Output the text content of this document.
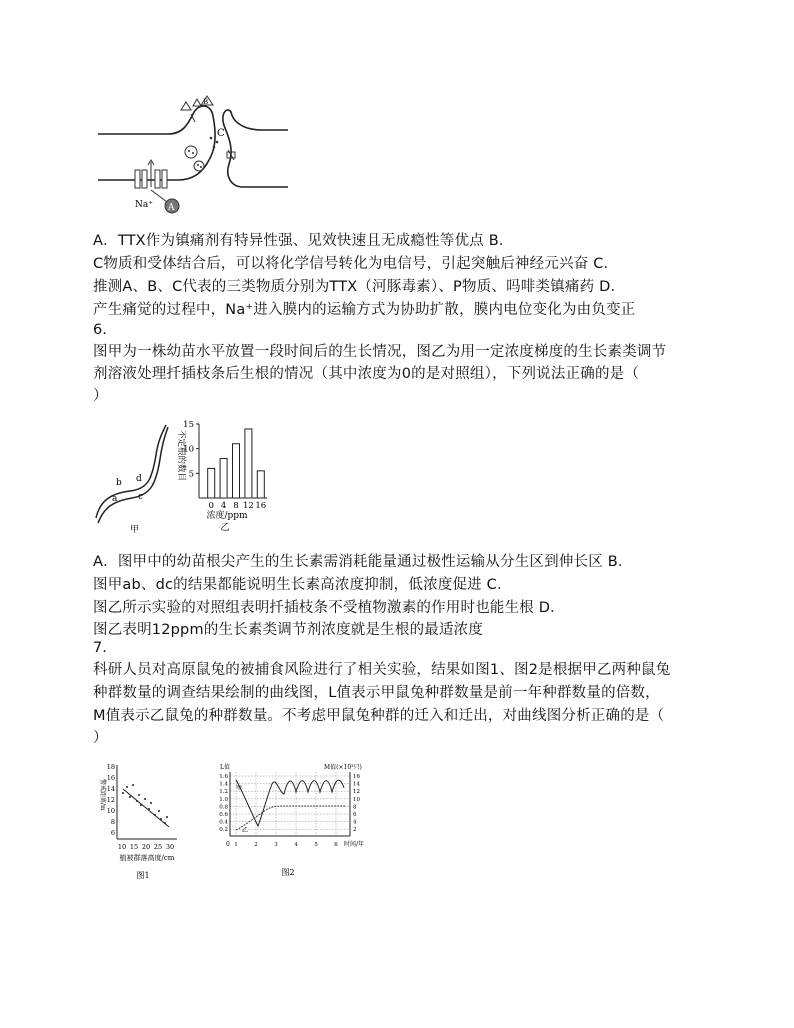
C
B
Na⁺ A
A．TTX作为镇痛剂有特异性强、见效快速且无成瘾性等优点 B．
C物质和受体结合后，可以将化学信号转化为电信号，引起突触后神经元兴奋 C．
推测A、B、C代表的三类物质分别为TTX（河豚毒素）、P物质、吗啡类镇痛药 D．
产生痛觉的过程中，Na⁺进入膜内的运输方式为协助扩散，膜内电位变化为由负变正
6.
图甲为一株幼苗水平放置一段时间后的生长情况，图乙为用一定浓度梯度的生长素类调节
剂溶液处理扦插枝条后生根的情况（其中浓度为0的是对照组），下列说法正确的是（
）
b d
a c
甲
5
10
15
0 4 8 12 16
不定根的数目
浓度/ppm
乙
A．图甲中的幼苗根尖产生的生长素需消耗能量通过极性运输从分生区到伸长区 B．
图甲ab、dc的结果都能说明生长素高浓度抑制，低浓度促进 C．
图乙所示实验的对照组表明扦插枝条不受植物激素的作用时也能生根 D．
图乙表明12ppm的生长素类调节剂浓度就是生根的最适浓度
7.
科研人员对高原鼠兔的被捕食风险进行了相关实验，结果如图1、图2是根据甲乙两种鼠兔
种群数量的调查结果绘制的曲线图，L值表示甲鼠兔种群数量是前一年种群数量的倍数，
M值表示乙鼠兔的种群数量。不考虑甲鼠兔种群的迁入和迁出，对曲线图分析正确的是（
）
警戒距离/m
18
16
14
12
10
8
6
10 15 20 25 30
植被群落高度/cm
图1
L值	M值(×10³只)
1.6	16
1.4	14
1.2	12
1.0	10
0.8	8
0.6	6
0.4	4
0.2	2
1	2	3	4	5	6
甲
乙
0	时间/年
图2
